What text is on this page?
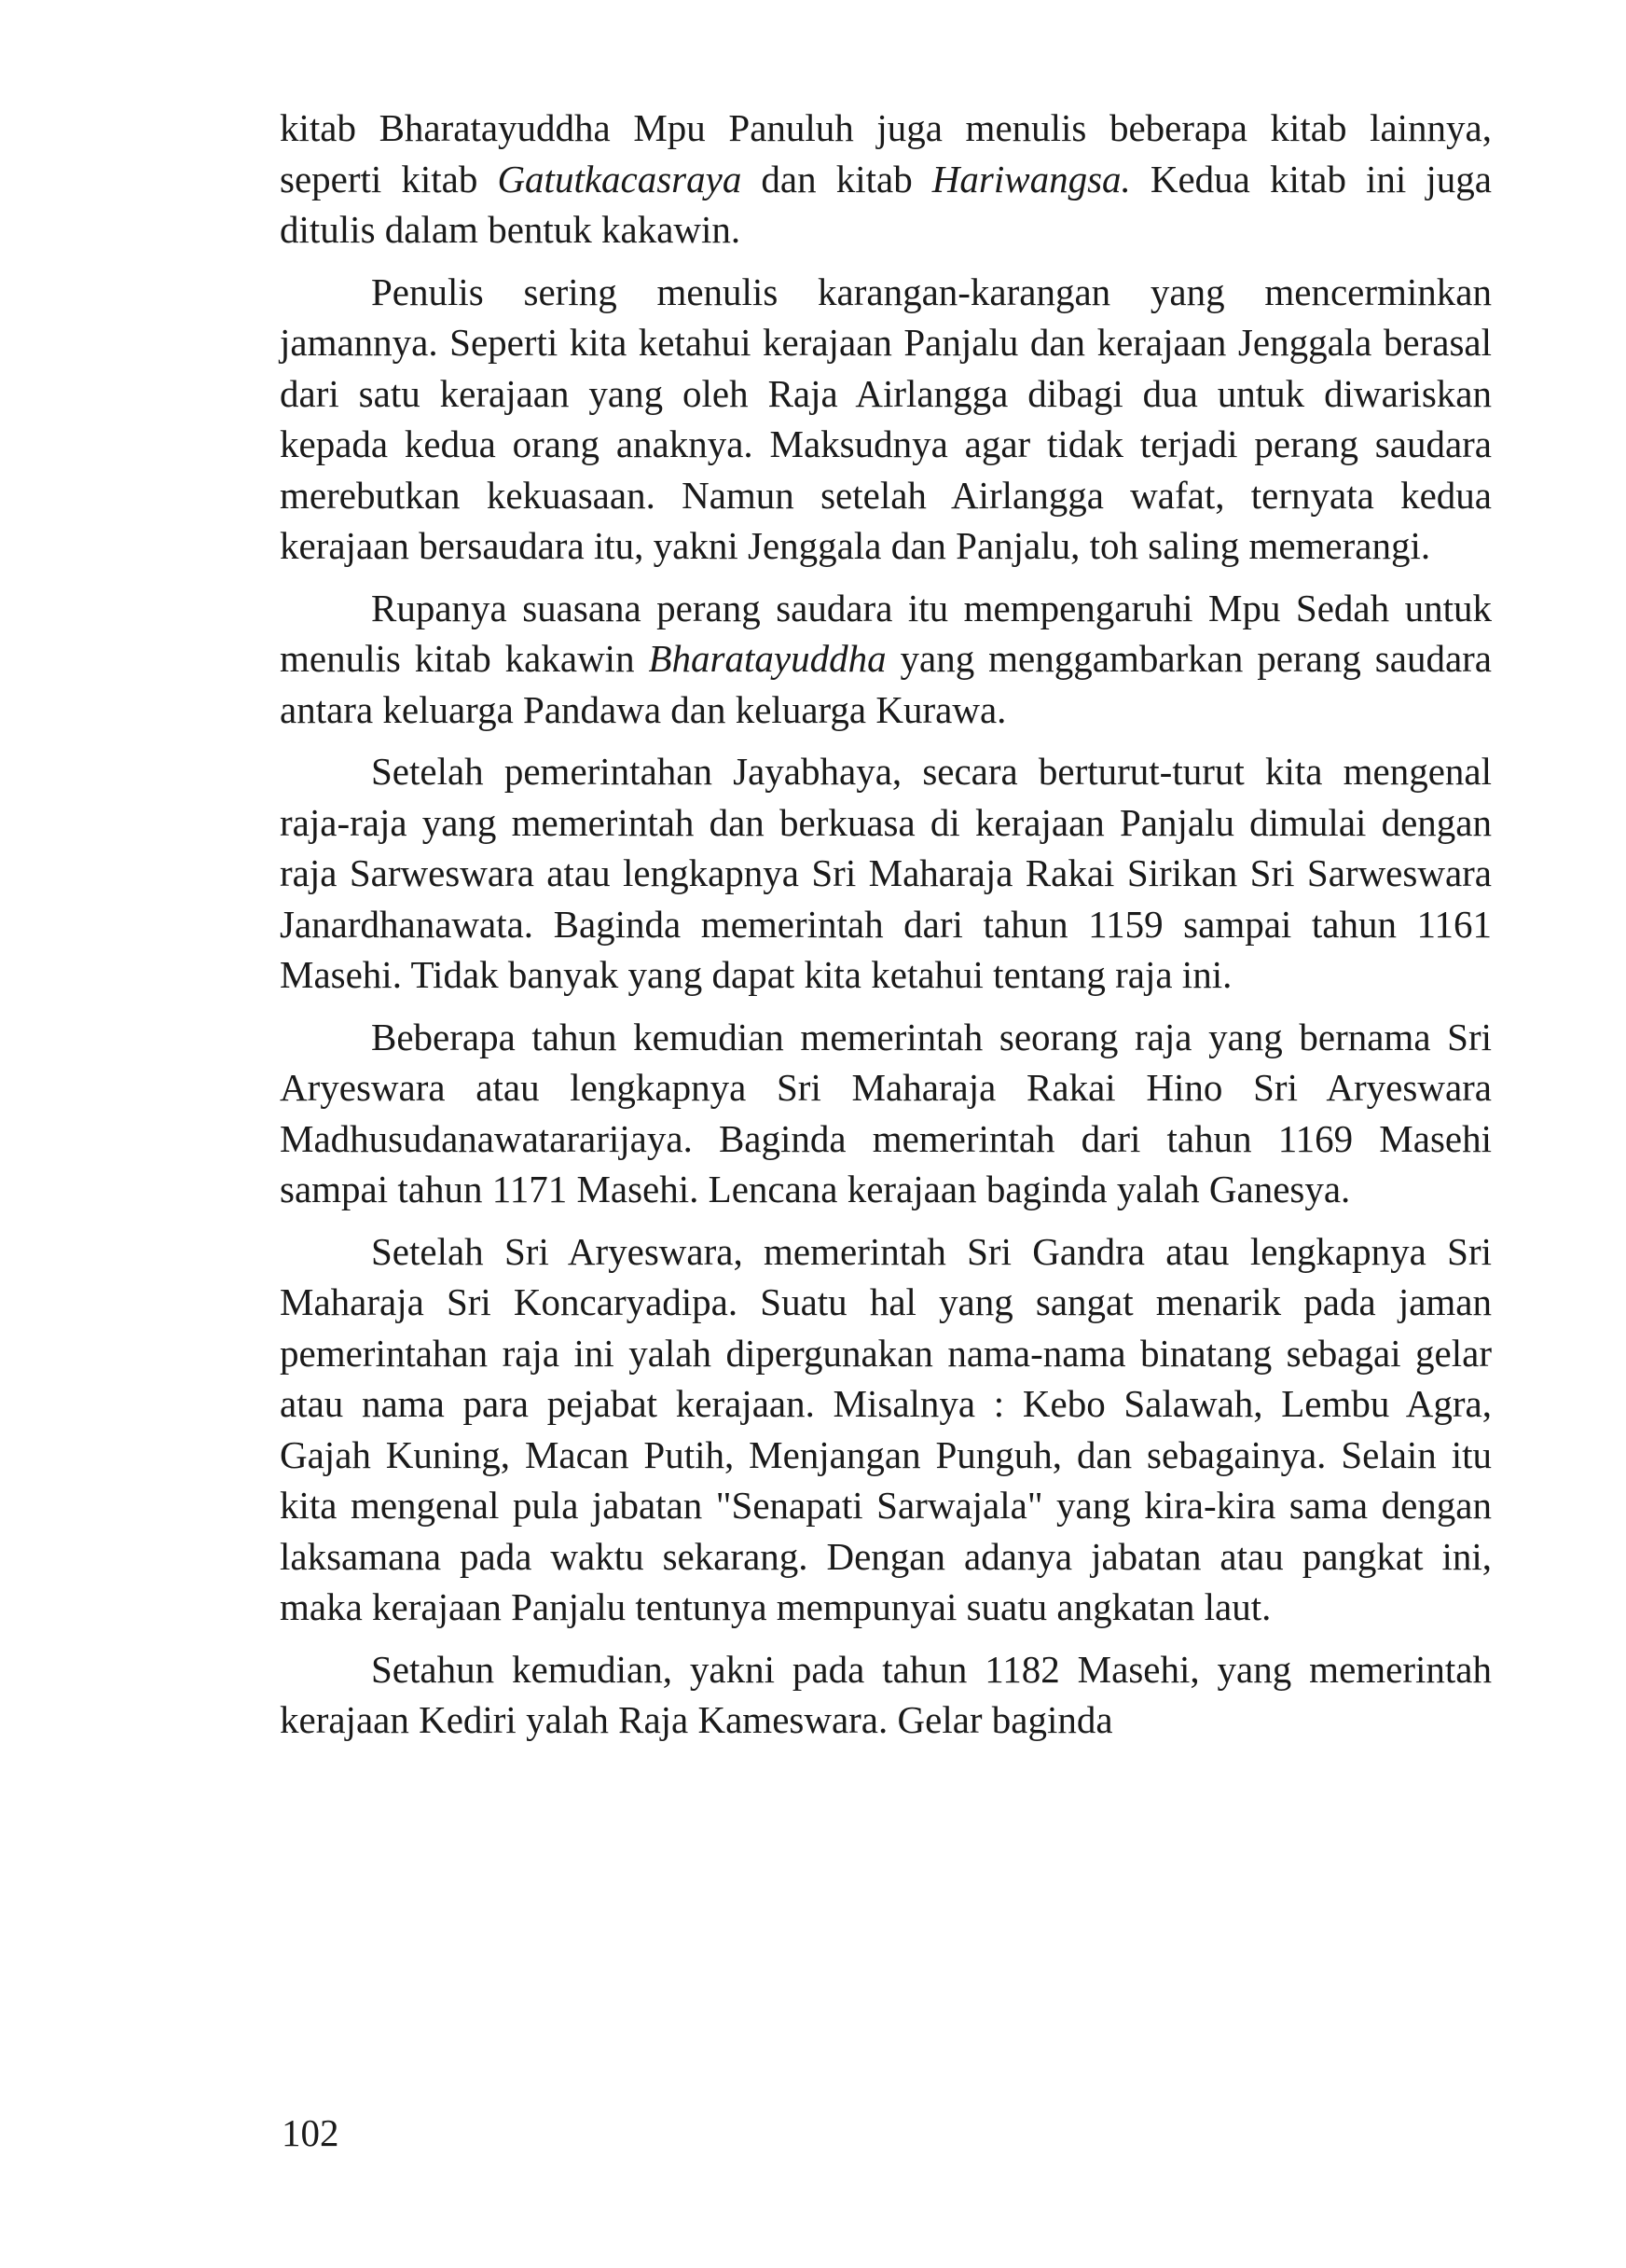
kitab Bharatayuddha Mpu Panuluh juga menulis beberapa kitab lainnya, seperti kitab Gatutkacasraya dan kitab Hariwangsa. Kedua kitab ini juga ditulis dalam bentuk kakawin.

Penulis sering menulis karangan-karangan yang mencerminkan jamannya. Seperti kita ketahui kerajaan Panjalu dan kerajaan Jenggala berasal dari satu kerajaan yang oleh Raja Airlangga dibagi dua untuk diwariskan kepada kedua orang anaknya. Maksudnya agar tidak terjadi perang saudara merebutkan kekuasaan. Namun setelah Airlangga wafat, ternyata kedua kerajaan bersaudara itu, yakni Jenggala dan Panjalu, toh saling memerangi.

Rupanya suasana perang saudara itu mempengaruhi Mpu Sedah untuk menulis kitab kakawin Bharatayuddha yang menggambarkan perang saudara antara keluarga Pandawa dan keluarga Kurawa.

Setelah pemerintahan Jayabhaya, secara berturut-turut kita mengenal raja-raja yang memerintah dan berkuasa di kerajaan Panjalu dimulai dengan raja Sarweswara atau lengkapnya Sri Maharaja Rakai Sirikan Sri Sarweswara Janardhanawata. Baginda memerintah dari tahun 1159 sampai tahun 1161 Masehi. Tidak banyak yang dapat kita ketahui tentang raja ini.

Beberapa tahun kemudian memerintah seorang raja yang bernama Sri Aryeswara atau lengkapnya Sri Maharaja Rakai Hino Sri Aryeswara Madhusudanawatararijaya. Baginda memerintah dari tahun 1169 Masehi sampai tahun 1171 Masehi. Lencana kerajaan baginda yalah Ganesya.

Setelah Sri Aryeswara, memerintah Sri Gandra atau lengkapnya Sri Maharaja Sri Koncaryadipa. Suatu hal yang sangat menarik pada jaman pemerintahan raja ini yalah dipergunakan nama-nama binatang sebagai gelar atau nama para pejabat kerajaan. Misalnya : Kebo Salawah, Lembu Agra, Gajah Kuning, Macan Putih, Menjangan Punguh, dan sebagainya. Selain itu kita mengenal pula jabatan "Senapati Sarwajala" yang kira-kira sama dengan laksamana pada waktu sekarang. Dengan adanya jabatan atau pangkat ini, maka kerajaan Panjalu tentunya mempunyai suatu angkatan laut.

Setahun kemudian, yakni pada tahun 1182 Masehi, yang memerintah kerajaan Kediri yalah Raja Kameswara. Gelar baginda

102
